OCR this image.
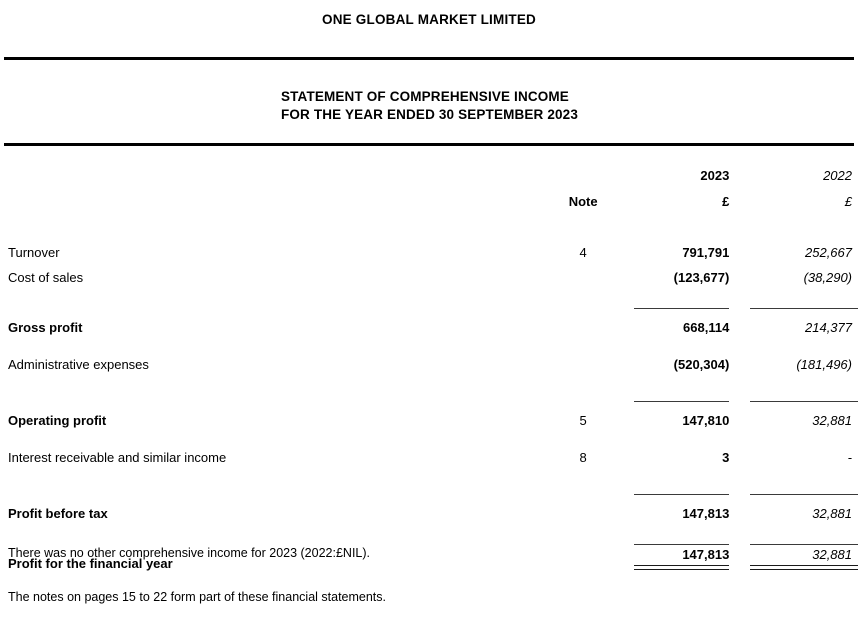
ONE GLOBAL MARKET LIMITED
STATEMENT OF COMPREHENSIVE INCOME
FOR THE YEAR ENDED 30 SEPTEMBER 2023
		2023	2022
	Note	£	£

Turnover	4	791,791	252,667
Cost of sales		(123,677)	(38,290)

Gross profit		668,114	214,377

Administrative expenses		(520,304)	(181,496)

Operating profit	5	147,810	32,881

Interest receivable and similar income	8	3	-

Profit before tax		147,813	32,881

Profit for the financial year		147,813	32,881
There was no other comprehensive income for 2023 (2022:£NIL).
The notes on pages 15 to 22 form part of these financial statements.
